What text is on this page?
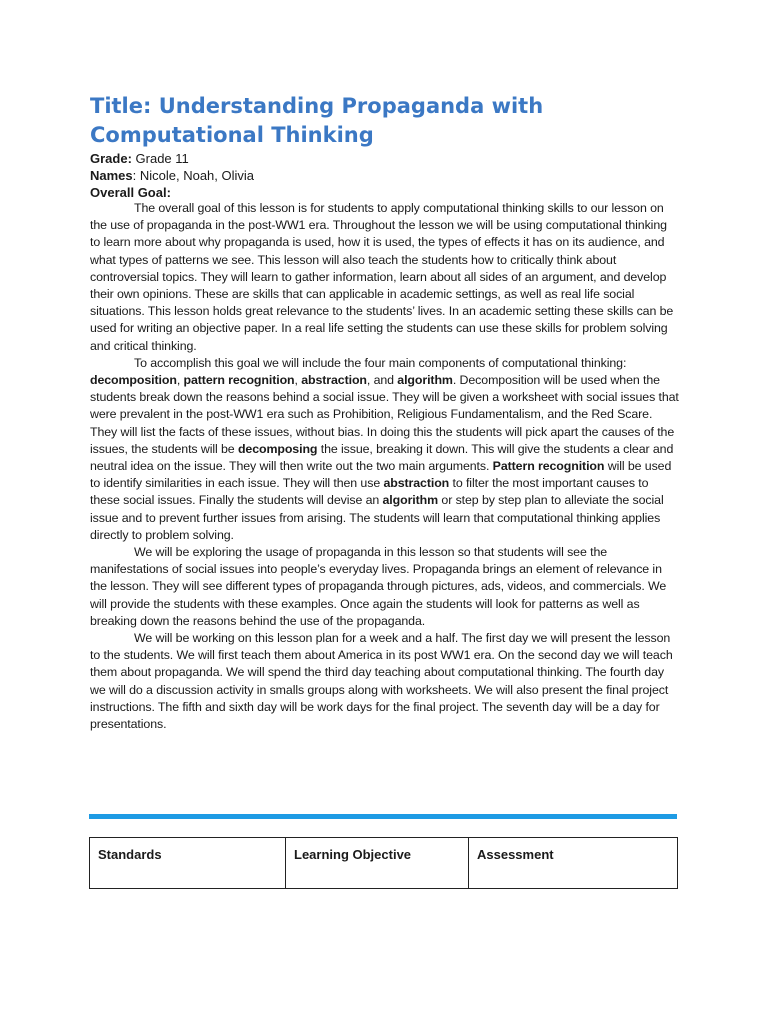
Title: Understanding Propaganda with Computational Thinking
Grade: Grade 11
Names: Nicole, Noah, Olivia
Overall Goal:

The overall goal of this lesson is for students to apply computational thinking skills to our lesson on the use of propaganda in the post-WW1 era. Throughout the lesson we will be using computational thinking to learn more about why propaganda is used, how it is used, the types of effects it has on its audience, and what types of patterns we see. This lesson will also teach the students how to critically think about controversial topics. They will learn to gather information, learn about all sides of an argument, and develop their own opinions. These are skills that can applicable in academic settings, as well as real life social situations. This lesson holds great relevance to the students’ lives. In an academic setting these skills can be used for writing an objective paper. In a real life setting the students can use these skills for problem solving and critical thinking.

To accomplish this goal we will include the four main components of computational thinking: decomposition, pattern recognition, abstraction, and algorithm. Decomposition will be used when the students break down the reasons behind a social issue. They will be given a worksheet with social issues that were prevalent in the post-WW1 era such as Prohibition, Religious Fundamentalism, and the Red Scare. They will list the facts of these issues, without bias. In doing this the students will pick apart the causes of the issues, the students will be decomposing the issue, breaking it down. This will give the students a clear and neutral idea on the issue. They will then write out the two main arguments. Pattern recognition will be used to identify similarities in each issue. They will then use abstraction to filter the most important causes to these social issues. Finally the students will devise an algorithm or step by step plan to alleviate the social issue and to prevent further issues from arising. The students will learn that computational thinking applies directly to problem solving.

We will be exploring the usage of propaganda in this lesson so that students will see the manifestations of social issues into people’s everyday lives. Propaganda brings an element of relevance in the lesson. They will see different types of propaganda through pictures, ads, videos, and commercials. We will provide the students with these examples. Once again the students will look for patterns as well as breaking down the reasons behind the use of the propaganda.

We will be working on this lesson plan for a week and a half. The first day we will present the lesson to the students. We will first teach them about America in its post WW1 era. On the second day we will teach them about propaganda. We will spend the third day teaching about computational thinking. The fourth day we will do a discussion activity in smalls groups along with worksheets. We will also present the final project instructions. The fifth and sixth day will be work days for the final project. The seventh day will be a day for presentations.

Standards	Learning Objective	Assessment
